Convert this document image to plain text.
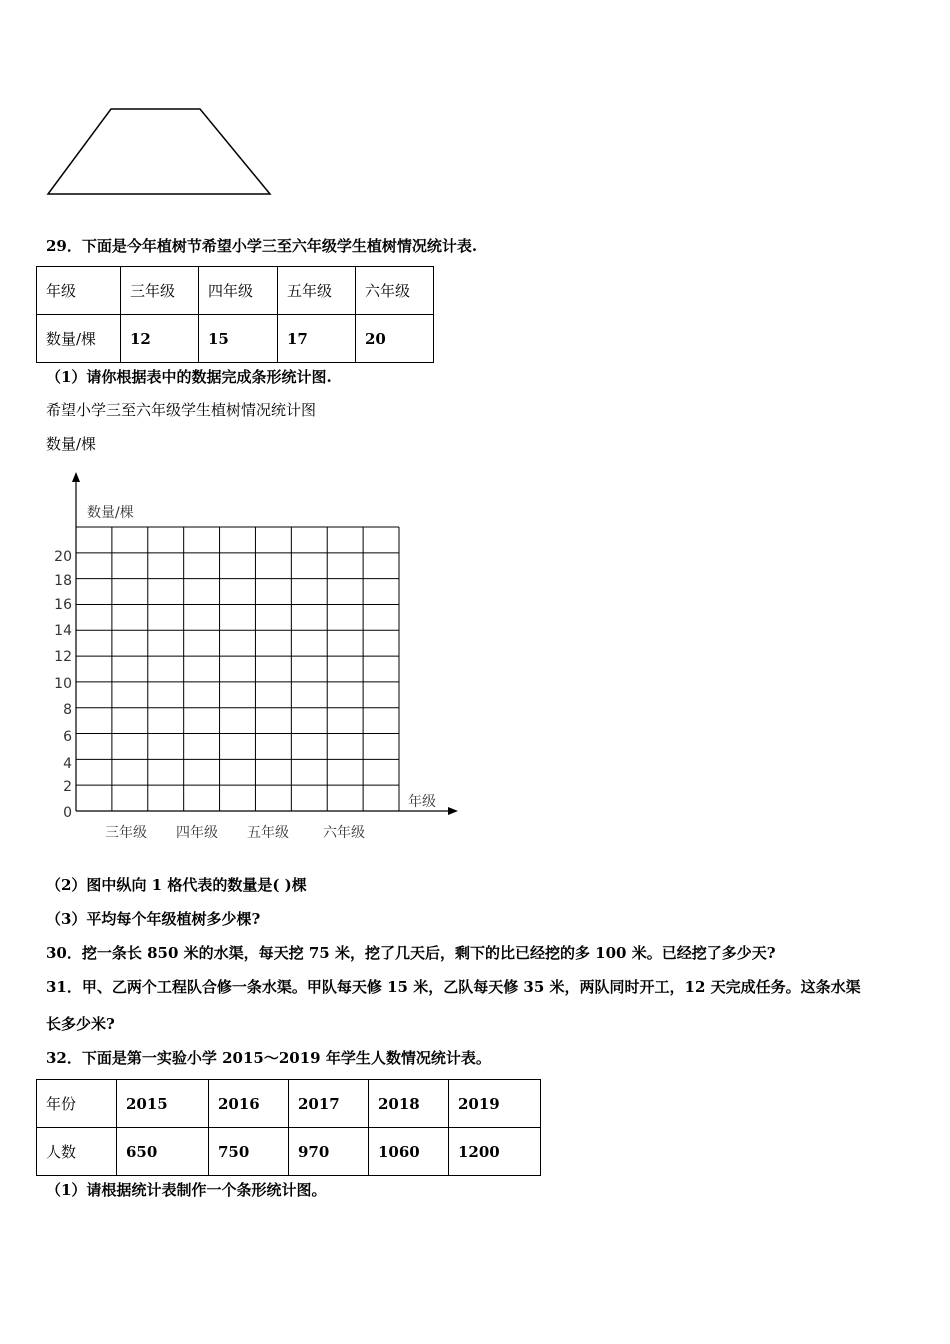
29．下面是今年植树节希望小学三至六年级学生植树情况统计表.
年级	三年级	四年级	五年级	六年级
数量/棵	12	15	17	20
（1）请你根据表中的数据完成条形统计图.
希望小学三至六年级学生植树情况统计图
数量/棵
数量/棵
年级
0
2
4
6
8
10
12
14
16
18
20
三年级 四年级 五年级 六年级
（2）图中纵向 1 格代表的数量是( )棵
（3）平均每个年级植树多少棵?
30．挖一条长 850 米的水渠，每天挖 75 米，挖了几天后，剩下的比已经挖的多 100 米。已经挖了多少天?
31．甲、乙两个工程队合修一条水渠。甲队每天修 15 米，乙队每天修 35 米，两队同时开工，12 天完成任务。这条水渠
长多少米?
32．下面是第一实验小学 2015～2019 年学生人数情况统计表。
年份	2015	2016	2017	2018	2019
人数	650	750	970	1060	1200
（1）请根据统计表制作一个条形统计图。
